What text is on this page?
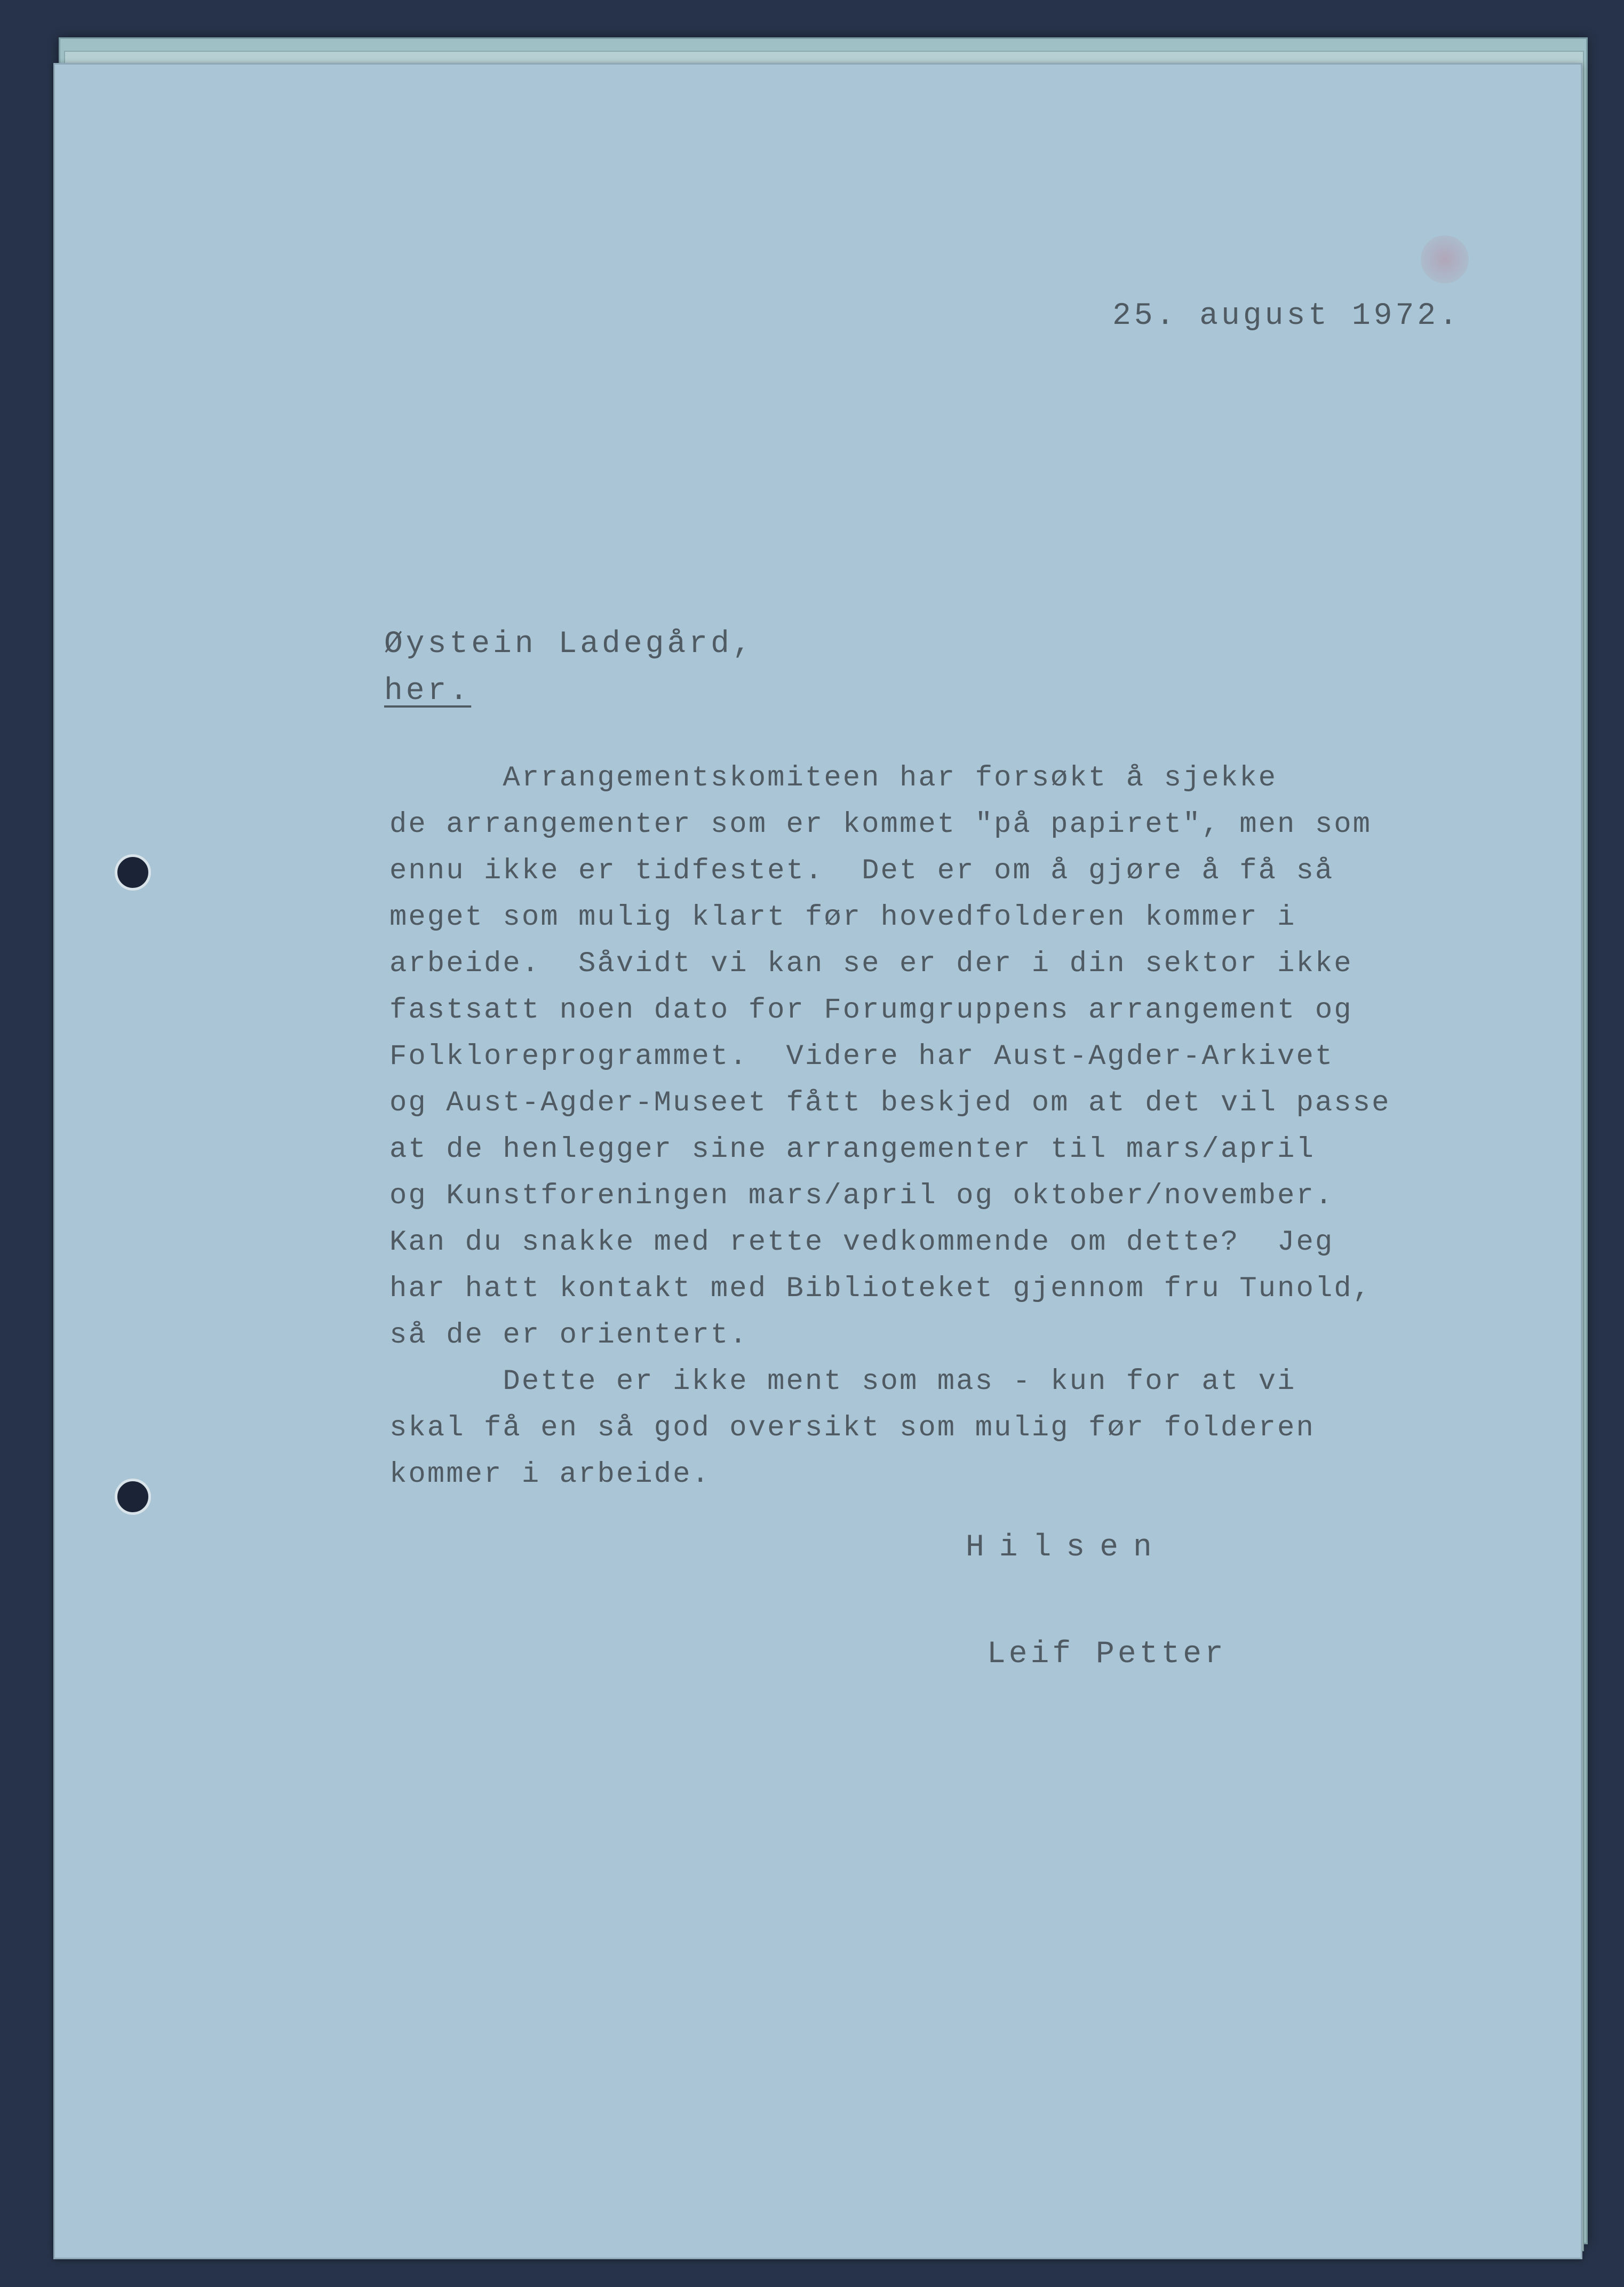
25. august 1972.
Øystein Ladegård,
her.
Arrangementskomiteen har forsøkt å sjekke
de arrangementer som er kommet "på papiret", men som
ennu ikke er tidfestet.  Det er om å gjøre å få så
meget som mulig klart før hovedfolderen kommer i
arbeide.  Såvidt vi kan se er der i din sektor ikke
fastsatt noen dato for Forumgruppens arrangement og
Folkloreprogrammet.  Videre har Aust-Agder-Arkivet
og Aust-Agder-Museet fått beskjed om at det vil passe
at de henlegger sine arrangementer til mars/april
og Kunstforeningen mars/april og oktober/november.
Kan du snakke med rette vedkommende om dette?  Jeg
har hatt kontakt med Biblioteket gjennom fru Tunold,
så de er orientert.
Dette er ikke ment som mas - kun for at vi
skal få en så god oversikt som mulig før folderen
kommer i arbeide.
Hilsen
Leif Petter
